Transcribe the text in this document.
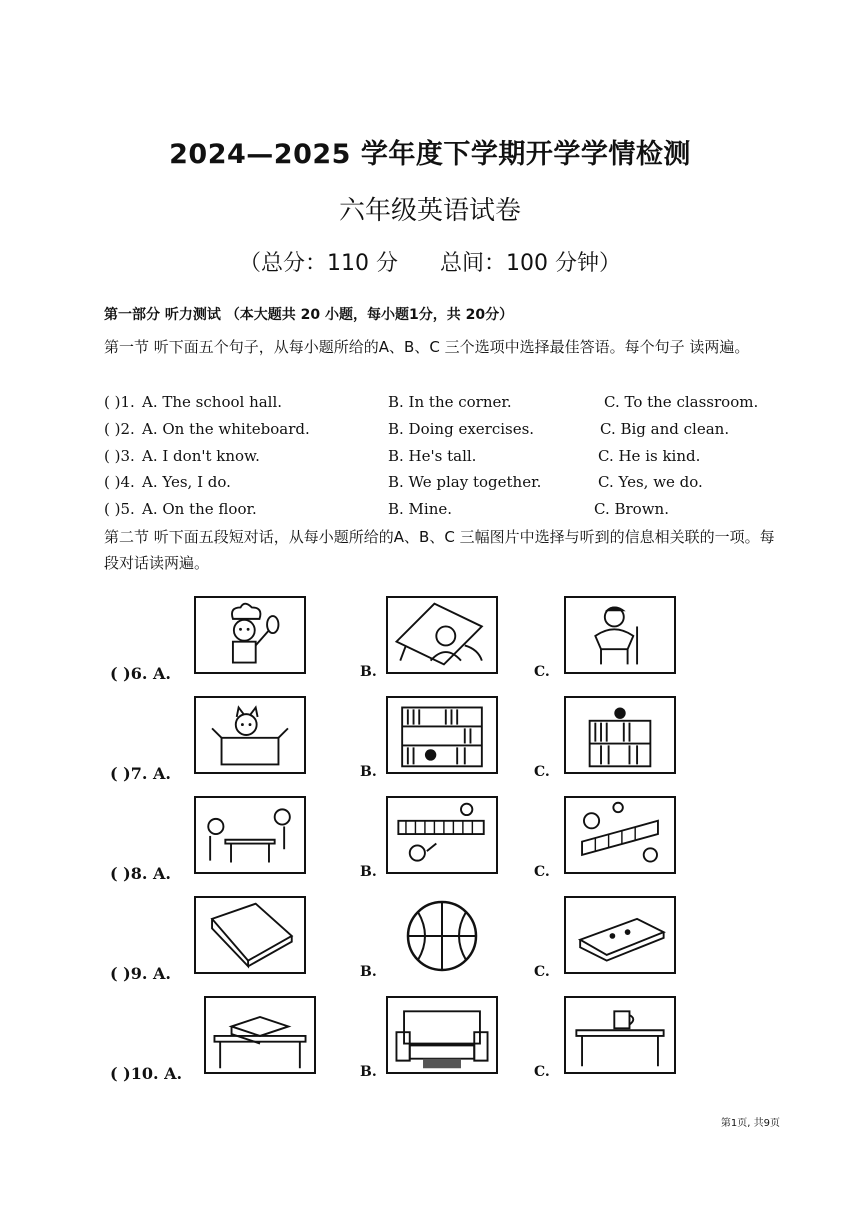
2024—2025 学年度下学期开学学情检测
六年级英语试卷
（总分：110 分      总间：100 分钟）
第一部分 听力测试 （本大题共 20 小题，每小题1分，共 20分）
第一节 听下面五个句子，从每小题所给的A、B、C 三个选项中选择最佳答语。每个句子 读两遍。
( )1. A. The school hall.	B. In the corner.	C. To the classroom.
( )2. A. On the whiteboard.	B. Doing exercises.	C. Big and clean.
( )3. A. I don't know.	B. He's tall.	C. He is kind.
( )4. A. Yes, I do.	B. We play together.	C. Yes, we do.
( )5. A. On the floor.	B. Mine.	C. Brown.
第二节 听下面五段短对话，从每小题所给的A、B、C 三幅图片中选择与听到的信息相关联的一项。每段对话读两遍。
( )6. A.	B.	C.
( )7. A.	B.	C.
( )8. A.	B.	C.
( )9. A.	B.	C.
( )10. A.	B.	C.
第1页, 共9页
